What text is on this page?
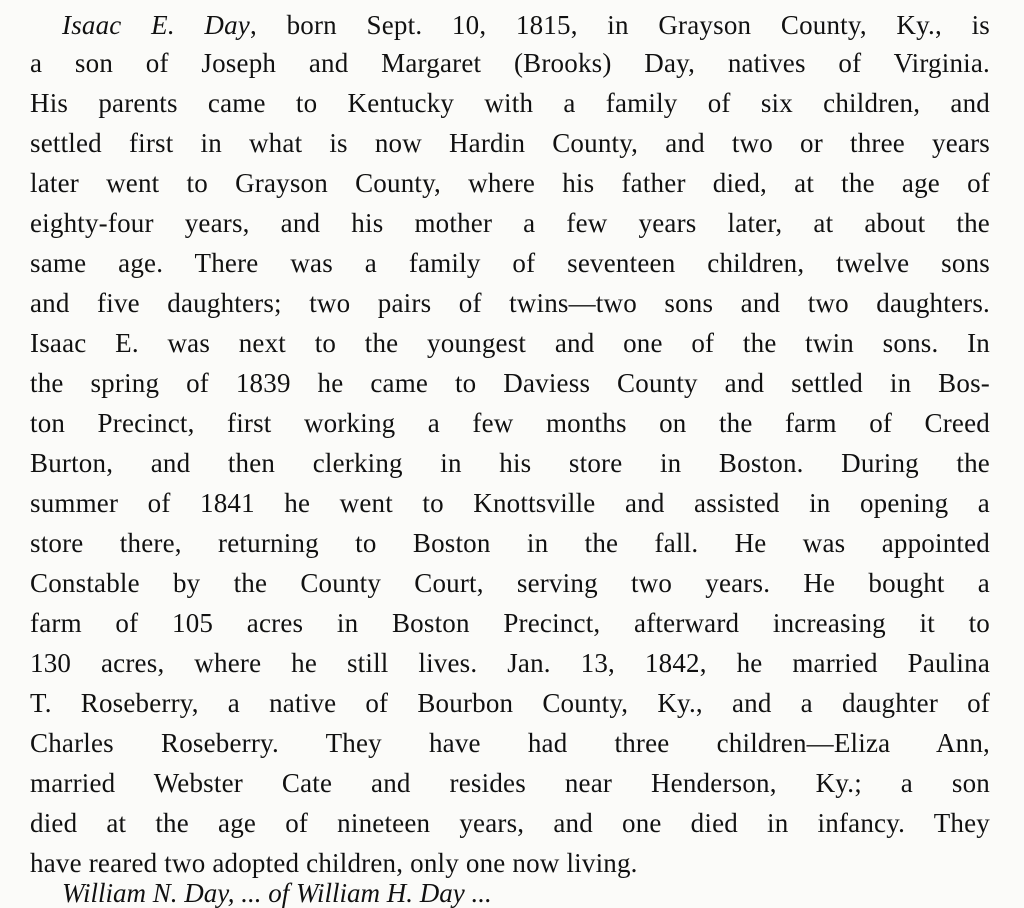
Isaac E. Day, born Sept. 10, 1815, in Grayson County, Ky., is
a son of Joseph and Margaret (Brooks) Day, natives of Virginia.
His parents came to Kentucky with a family of six children, and
settled first in what is now Hardin County, and two or three years
later went to Grayson County, where his father died, at the age of
eighty-four years, and his mother a few years later, at about the
same age. There was a family of seventeen children, twelve sons
and five daughters; two pairs of twins—two sons and two daughters.
Isaac E. was next to the youngest and one of the twin sons. In
the spring of 1839 he came to Daviess County and settled in Bos-
ton Precinct, first working a few months on the farm of Creed
Burton, and then clerking in his store in Boston. During the
summer of 1841 he went to Knottsville and assisted in opening a
store there, returning to Boston in the fall. He was appointed
Constable by the County Court, serving two years. He bought a
farm of 105 acres in Boston Precinct, afterward increasing it to
130 acres, where he still lives. Jan. 13, 1842, he married Paulina
T. Roseberry, a native of Bourbon County, Ky., and a daughter of
Charles Roseberry. They have had three children—Eliza Ann,
married Webster Cate and resides near Henderson, Ky.; a son
died at the age of nineteen years, and one died in infancy. They
have reared two adopted children, only one now living.
William N. Day, ... of William H. Day ...
